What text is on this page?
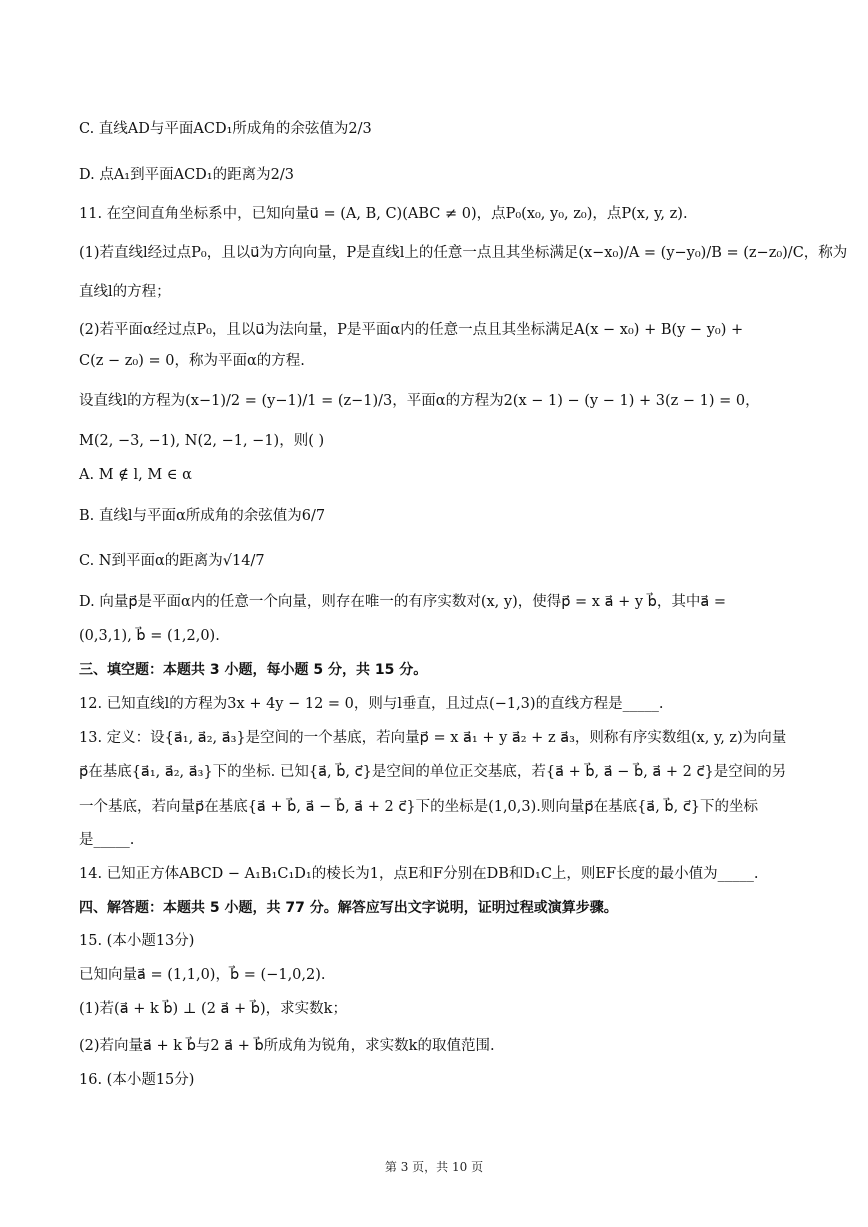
C. 直线AD与平面ACD₁所成角的余弦值为2/3
D. 点A₁到平面ACD₁的距离为2/3
11. 在空间直角坐标系中，已知向量u⃗ = (A, B, C)(ABC ≠ 0)，点P₀(x₀, y₀, z₀)，点P(x, y, z).
(1)若直线l经过点P₀，且以u⃗为方向向量，P是直线l上的任意一点且其坐标满足(x−x₀)/A = (y−y₀)/B = (z−z₀)/C，称为
直线l的方程；
(2)若平面α经过点P₀，且以u⃗为法向量，P是平面α内的任意一点且其坐标满足A(x − x₀) + B(y − y₀) +
C(z − z₀) = 0，称为平面α的方程.
设直线l的方程为(x−1)/2 = (y−1)/1 = (z−1)/3，平面α的方程为2(x − 1) − (y − 1) + 3(z − 1) = 0，
M(2, −3, −1), N(2, −1, −1)，则( )
A. M ∉ l, M ∈ α
B. 直线l与平面α所成角的余弦值为6/7
C. N到平面α的距离为√14/7
D. 向量p⃗是平面α内的任意一个向量，则存在唯一的有序实数对(x, y)，使得p⃗ = x a⃗ + y b⃗，其中a⃗ =
(0,3,1), b⃗ = (1,2,0).
三、填空题：本题共 3 小题，每小题 5 分，共 15 分。
12. 已知直线l的方程为3x + 4y − 12 = 0，则与l垂直，且过点(−1,3)的直线方程是_____.
13. 定义：设{a⃗₁, a⃗₂, a⃗₃}是空间的一个基底，若向量p⃗ = x a⃗₁ + y a⃗₂ + z a⃗₃，则称有序实数组(x, y, z)为向量
p⃗在基底{a⃗₁, a⃗₂, a⃗₃}下的坐标. 已知{a⃗, b⃗, c⃗}是空间的单位正交基底，若{a⃗ + b⃗, a⃗ − b⃗, a⃗ + 2 c⃗}是空间的另
一个基底，若向量p⃗在基底{a⃗ + b⃗, a⃗ − b⃗, a⃗ + 2 c⃗}下的坐标是(1,0,3).则向量p⃗在基底{a⃗, b⃗, c⃗}下的坐标
是_____.
14. 已知正方体ABCD − A₁B₁C₁D₁的棱长为1，点E和F分别在DB和D₁C上，则EF长度的最小值为_____.
四、解答题：本题共 5 小题，共 77 分。解答应写出文字说明，证明过程或演算步骤。
15. (本小题13分)
已知向量a⃗ = (1,1,0)，b⃗ = (−1,0,2).
(1)若(a⃗ + k b⃗) ⊥ (2 a⃗ + b⃗)，求实数k；
(2)若向量a⃗ + k b⃗与2 a⃗ + b⃗所成角为锐角，求实数k的取值范围.
16. (本小题15分)
第 3 页，共 10 页
